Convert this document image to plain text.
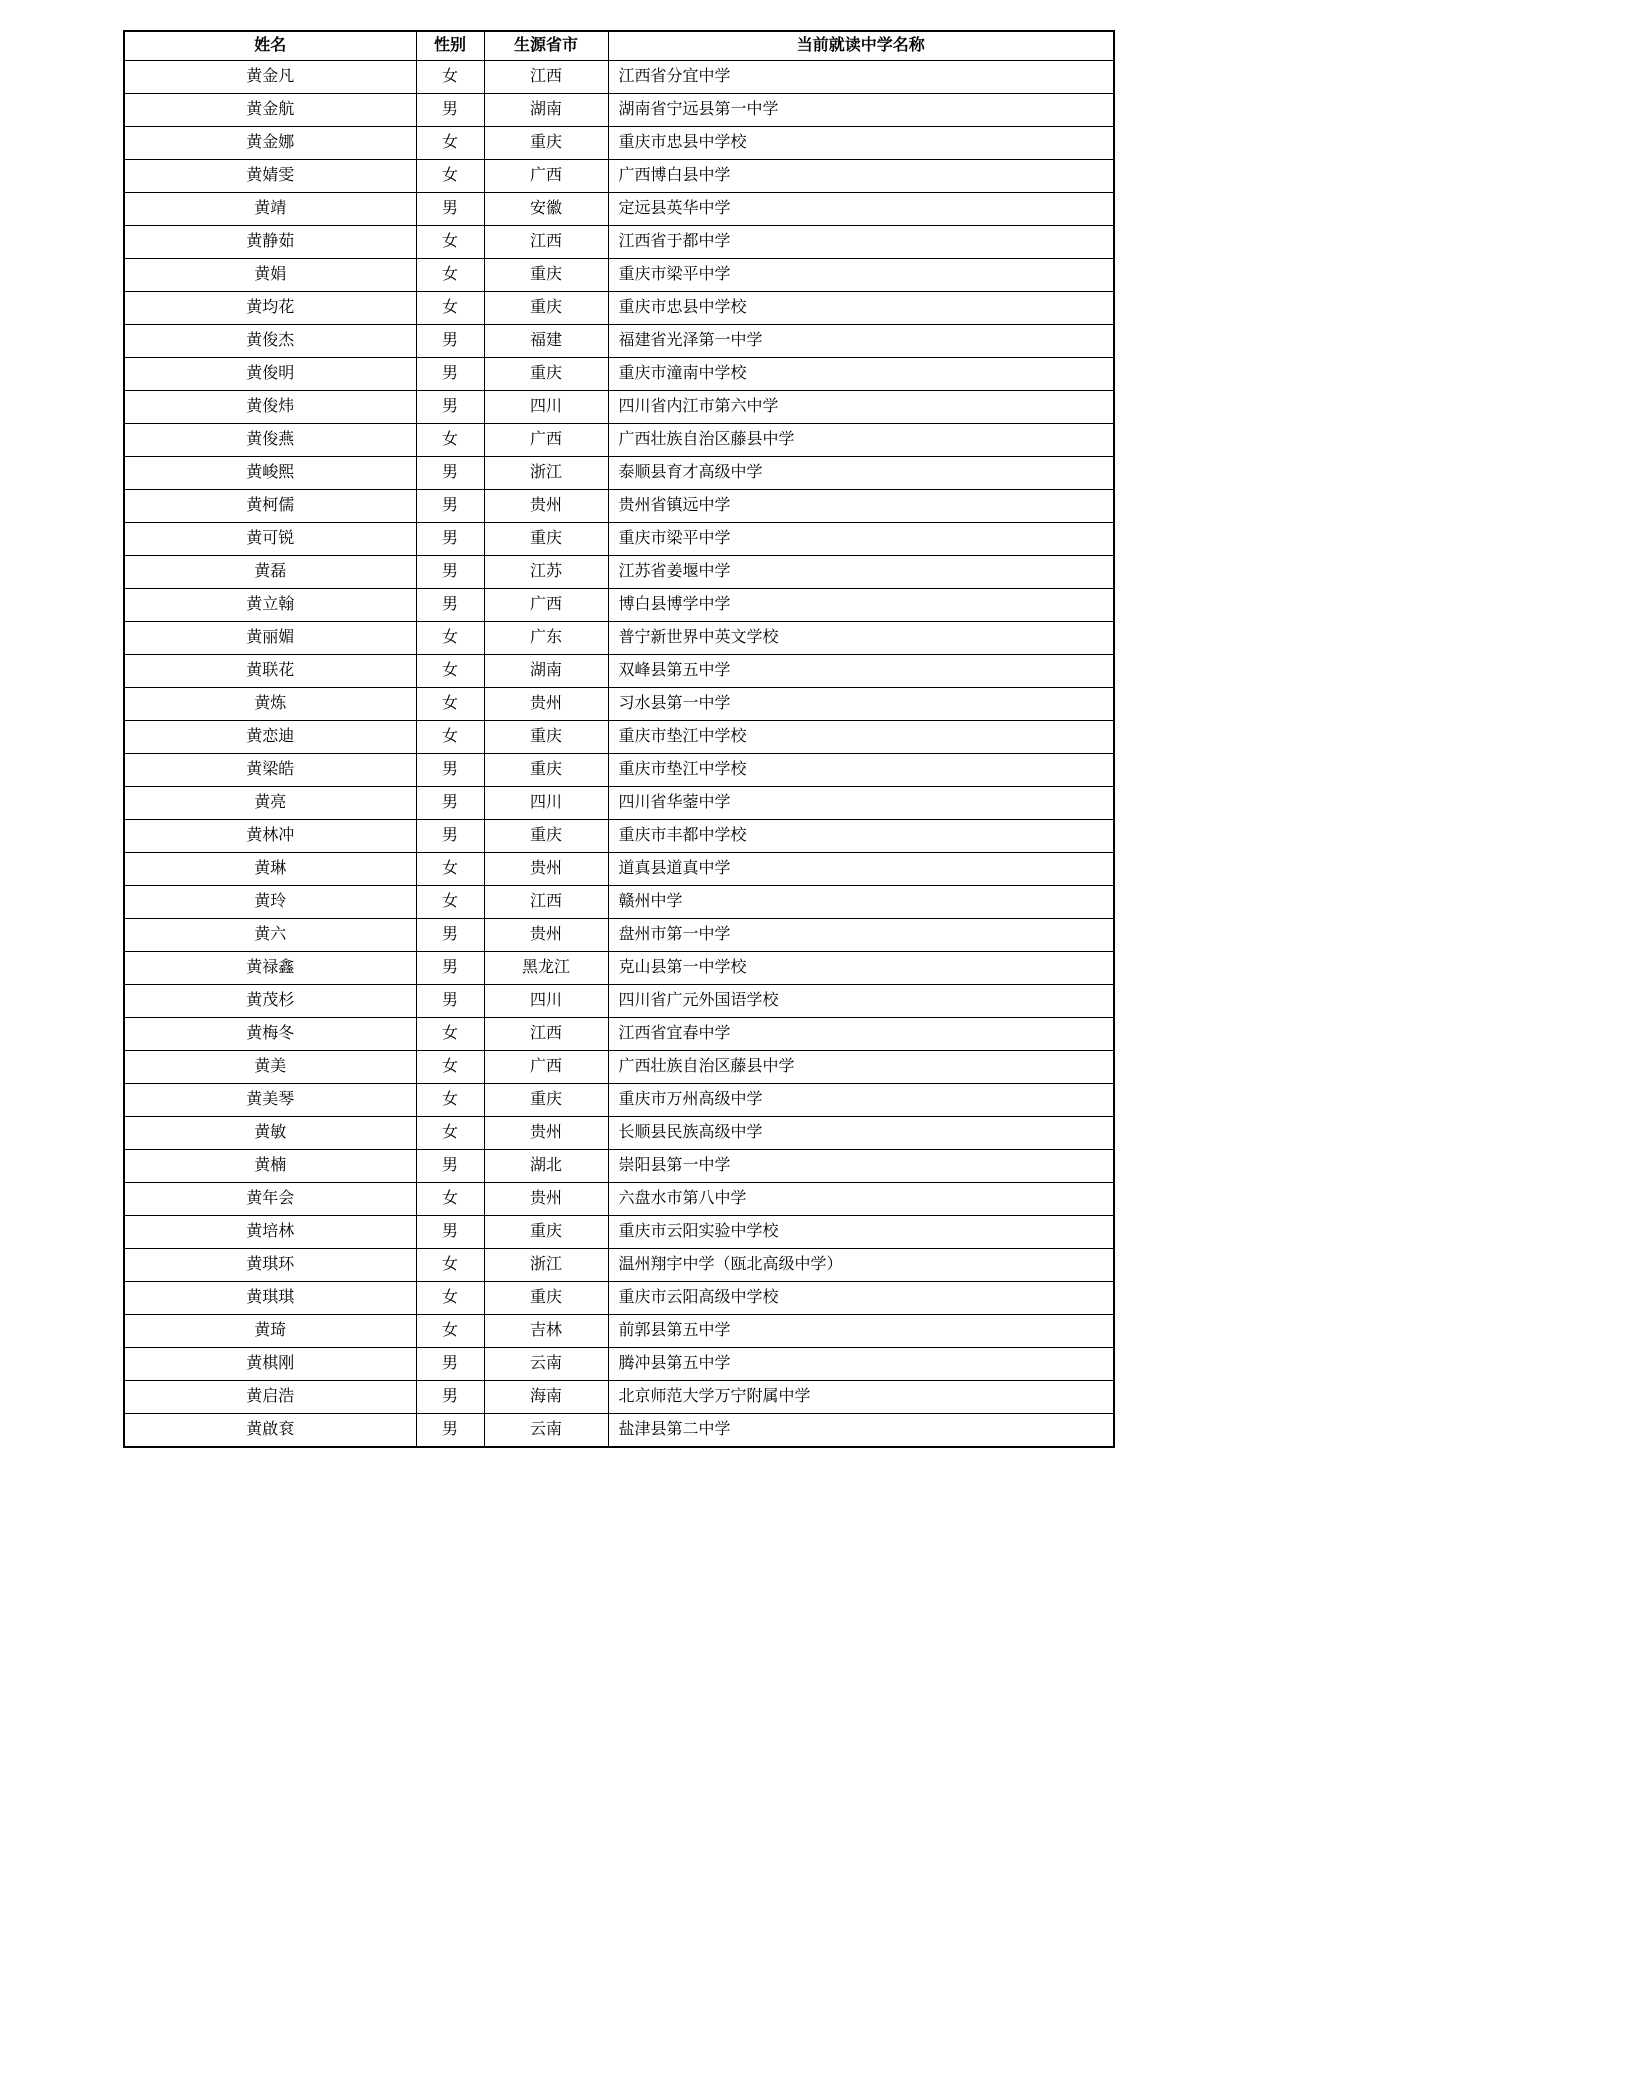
姓名	性别	生源省市	当前就读中学名称
黄金凡	女	江西	江西省分宜中学
黄金航	男	湖南	湖南省宁远县第一中学
黄金娜	女	重庆	重庆市忠县中学校
黄婧雯	女	广西	广西博白县中学
黄靖	男	安徽	定远县英华中学
黄静茹	女	江西	江西省于都中学
黄娟	女	重庆	重庆市梁平中学
黄均花	女	重庆	重庆市忠县中学校
黄俊杰	男	福建	福建省光泽第一中学
黄俊明	男	重庆	重庆市潼南中学校
黄俊炜	男	四川	四川省内江市第六中学
黄俊燕	女	广西	广西壮族自治区藤县中学
黄峻熙	男	浙江	泰顺县育才高级中学
黄柯儒	男	贵州	贵州省镇远中学
黄可锐	男	重庆	重庆市梁平中学
黄磊	男	江苏	江苏省姜堰中学
黄立翰	男	广西	博白县博学中学
黄丽媚	女	广东	普宁新世界中英文学校
黄联花	女	湖南	双峰县第五中学
黄炼	女	贵州	习水县第一中学
黄恋迪	女	重庆	重庆市垫江中学校
黄梁皓	男	重庆	重庆市垫江中学校
黄亮	男	四川	四川省华蓥中学
黄林冲	男	重庆	重庆市丰都中学校
黄琳	女	贵州	道真县道真中学
黄玲	女	江西	赣州中学
黄六	男	贵州	盘州市第一中学
黄禄鑫	男	黑龙江	克山县第一中学校
黄茂杉	男	四川	四川省广元外国语学校
黄梅冬	女	江西	江西省宜春中学
黄美	女	广西	广西壮族自治区藤县中学
黄美琴	女	重庆	重庆市万州高级中学
黄敏	女	贵州	长顺县民族高级中学
黄楠	男	湖北	崇阳县第一中学
黄年会	女	贵州	六盘水市第八中学
黄培林	男	重庆	重庆市云阳实验中学校
黄琪环	女	浙江	温州翔宇中学（瓯北高级中学）
黄琪琪	女	重庆	重庆市云阳高级中学校
黄琦	女	吉林	前郭县第五中学
黄棋刚	男	云南	腾冲县第五中学
黄启浩	男	海南	北京师范大学万宁附属中学
黄啟袞	男	云南	盐津县第二中学
